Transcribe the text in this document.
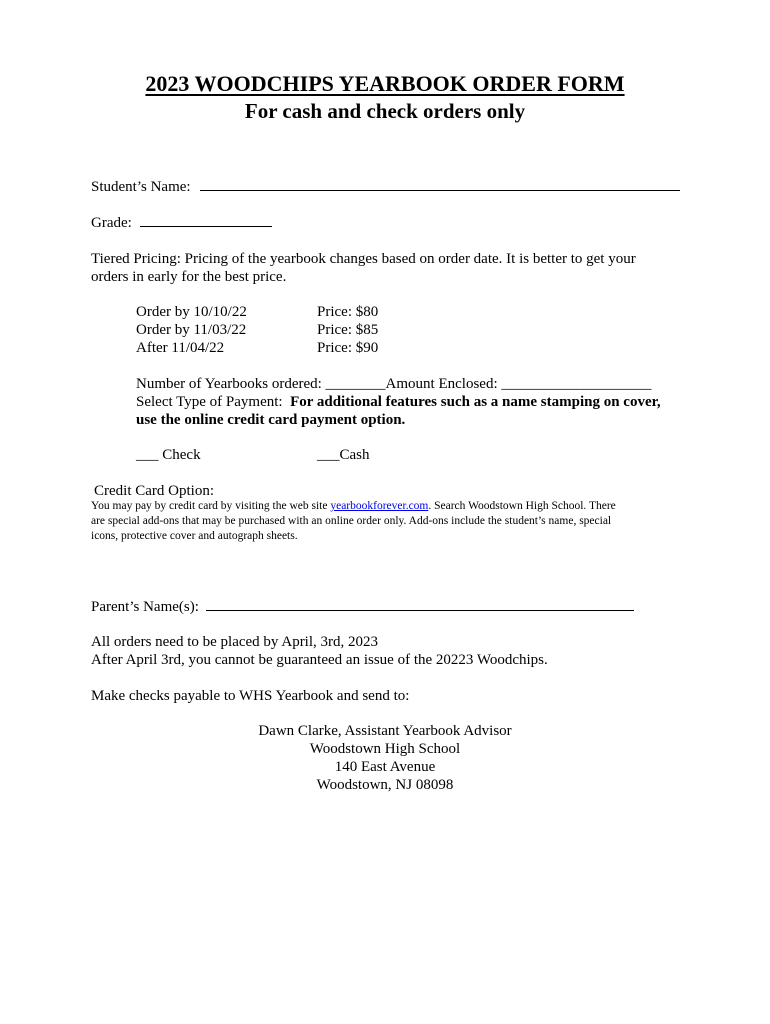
2023 WOODCHIPS YEARBOOK ORDER FORM
For cash and check orders only
Student’s Name:
Grade:
Tiered Pricing: Pricing of the yearbook changes based on order date. It is better to get your
orders in early for the best price.
Order by 10/10/22	Price: $80
Order by 11/03/22	Price: $85
After 11/04/22	Price: $90
Number of Yearbooks ordered: ________Amount Enclosed: ____________________
Select Type of Payment: For additional features such as a name stamping on cover,
use the online credit card payment option.
___ Check	___Cash
Credit Card Option:
You may pay by credit card by visiting the web site yearbookforever.com. Search Woodstown High School. There
are special add-ons that may be purchased with an online order only. Add-ons include the student’s name, special
icons, protective cover and autograph sheets.
Parent’s Name(s):
All orders need to be placed by April, 3rd, 2023
After April 3rd, you cannot be guaranteed an issue of the 20223 Woodchips.
Make checks payable to WHS Yearbook and send to:
Dawn Clarke, Assistant Yearbook Advisor
Woodstown High School
140 East Avenue
Woodstown, NJ 08098
